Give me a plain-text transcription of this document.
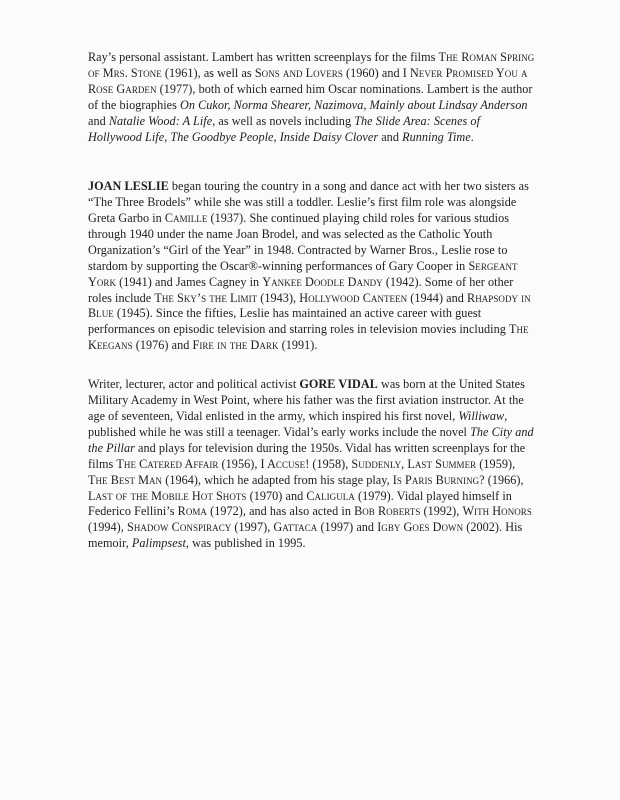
Ray’s personal assistant. Lambert has written screenplays for the films The Roman Spring of Mrs. Stone (1961), as well as Sons and Lovers (1960) and I Never Promised You a Rose Garden (1977), both of which earned him Oscar nominations. Lambert is the author of the biographies On Cukor, Norma Shearer, Nazimova, Mainly about Lindsay Anderson and Natalie Wood: A Life, as well as novels including The Slide Area: Scenes of Hollywood Life, The Goodbye People, Inside Daisy Clover and Running Time.

JOAN LESLIE began touring the country in a song and dance act with her two sisters as “The Three Brodels” while she was still a toddler. Leslie’s first film role was alongside Greta Garbo in Camille (1937). She continued playing child roles for various studios through 1940 under the name Joan Brodel, and was selected as the Catholic Youth Organization’s “Girl of the Year” in 1948. Contracted by Warner Bros., Leslie rose to stardom by supporting the Oscar®-winning performances of Gary Cooper in Sergeant York (1941) and James Cagney in Yankee Doodle Dandy (1942). Some of her other roles include The Sky’s the Limit (1943), Hollywood Canteen (1944) and Rhapsody in Blue (1945). Since the fifties, Leslie has maintained an active career with guest performances on episodic television and starring roles in television movies including The Keegans (1976) and Fire in the Dark (1991).

Writer, lecturer, actor and political activist GORE VIDAL was born at the United States Military Academy in West Point, where his father was the first aviation instructor. At the age of seventeen, Vidal enlisted in the army, which inspired his first novel, Williwaw, published while he was still a teenager. Vidal’s early works include the novel The City and the Pillar and plays for television during the 1950s. Vidal has written screenplays for the films The Catered Affair (1956), I Accuse! (1958), Suddenly, Last Summer (1959), The Best Man (1964), which he adapted from his stage play, Is Paris Burning? (1966), Last of the Mobile Hot Shots (1970) and Caligula (1979). Vidal played himself in Federico Fellini’s Roma (1972), and has also acted in Bob Roberts (1992), With Honors (1994), Shadow Conspiracy (1997), Gattaca (1997) and Igby Goes Down (2002). His memoir, Palimpsest, was published in 1995.
